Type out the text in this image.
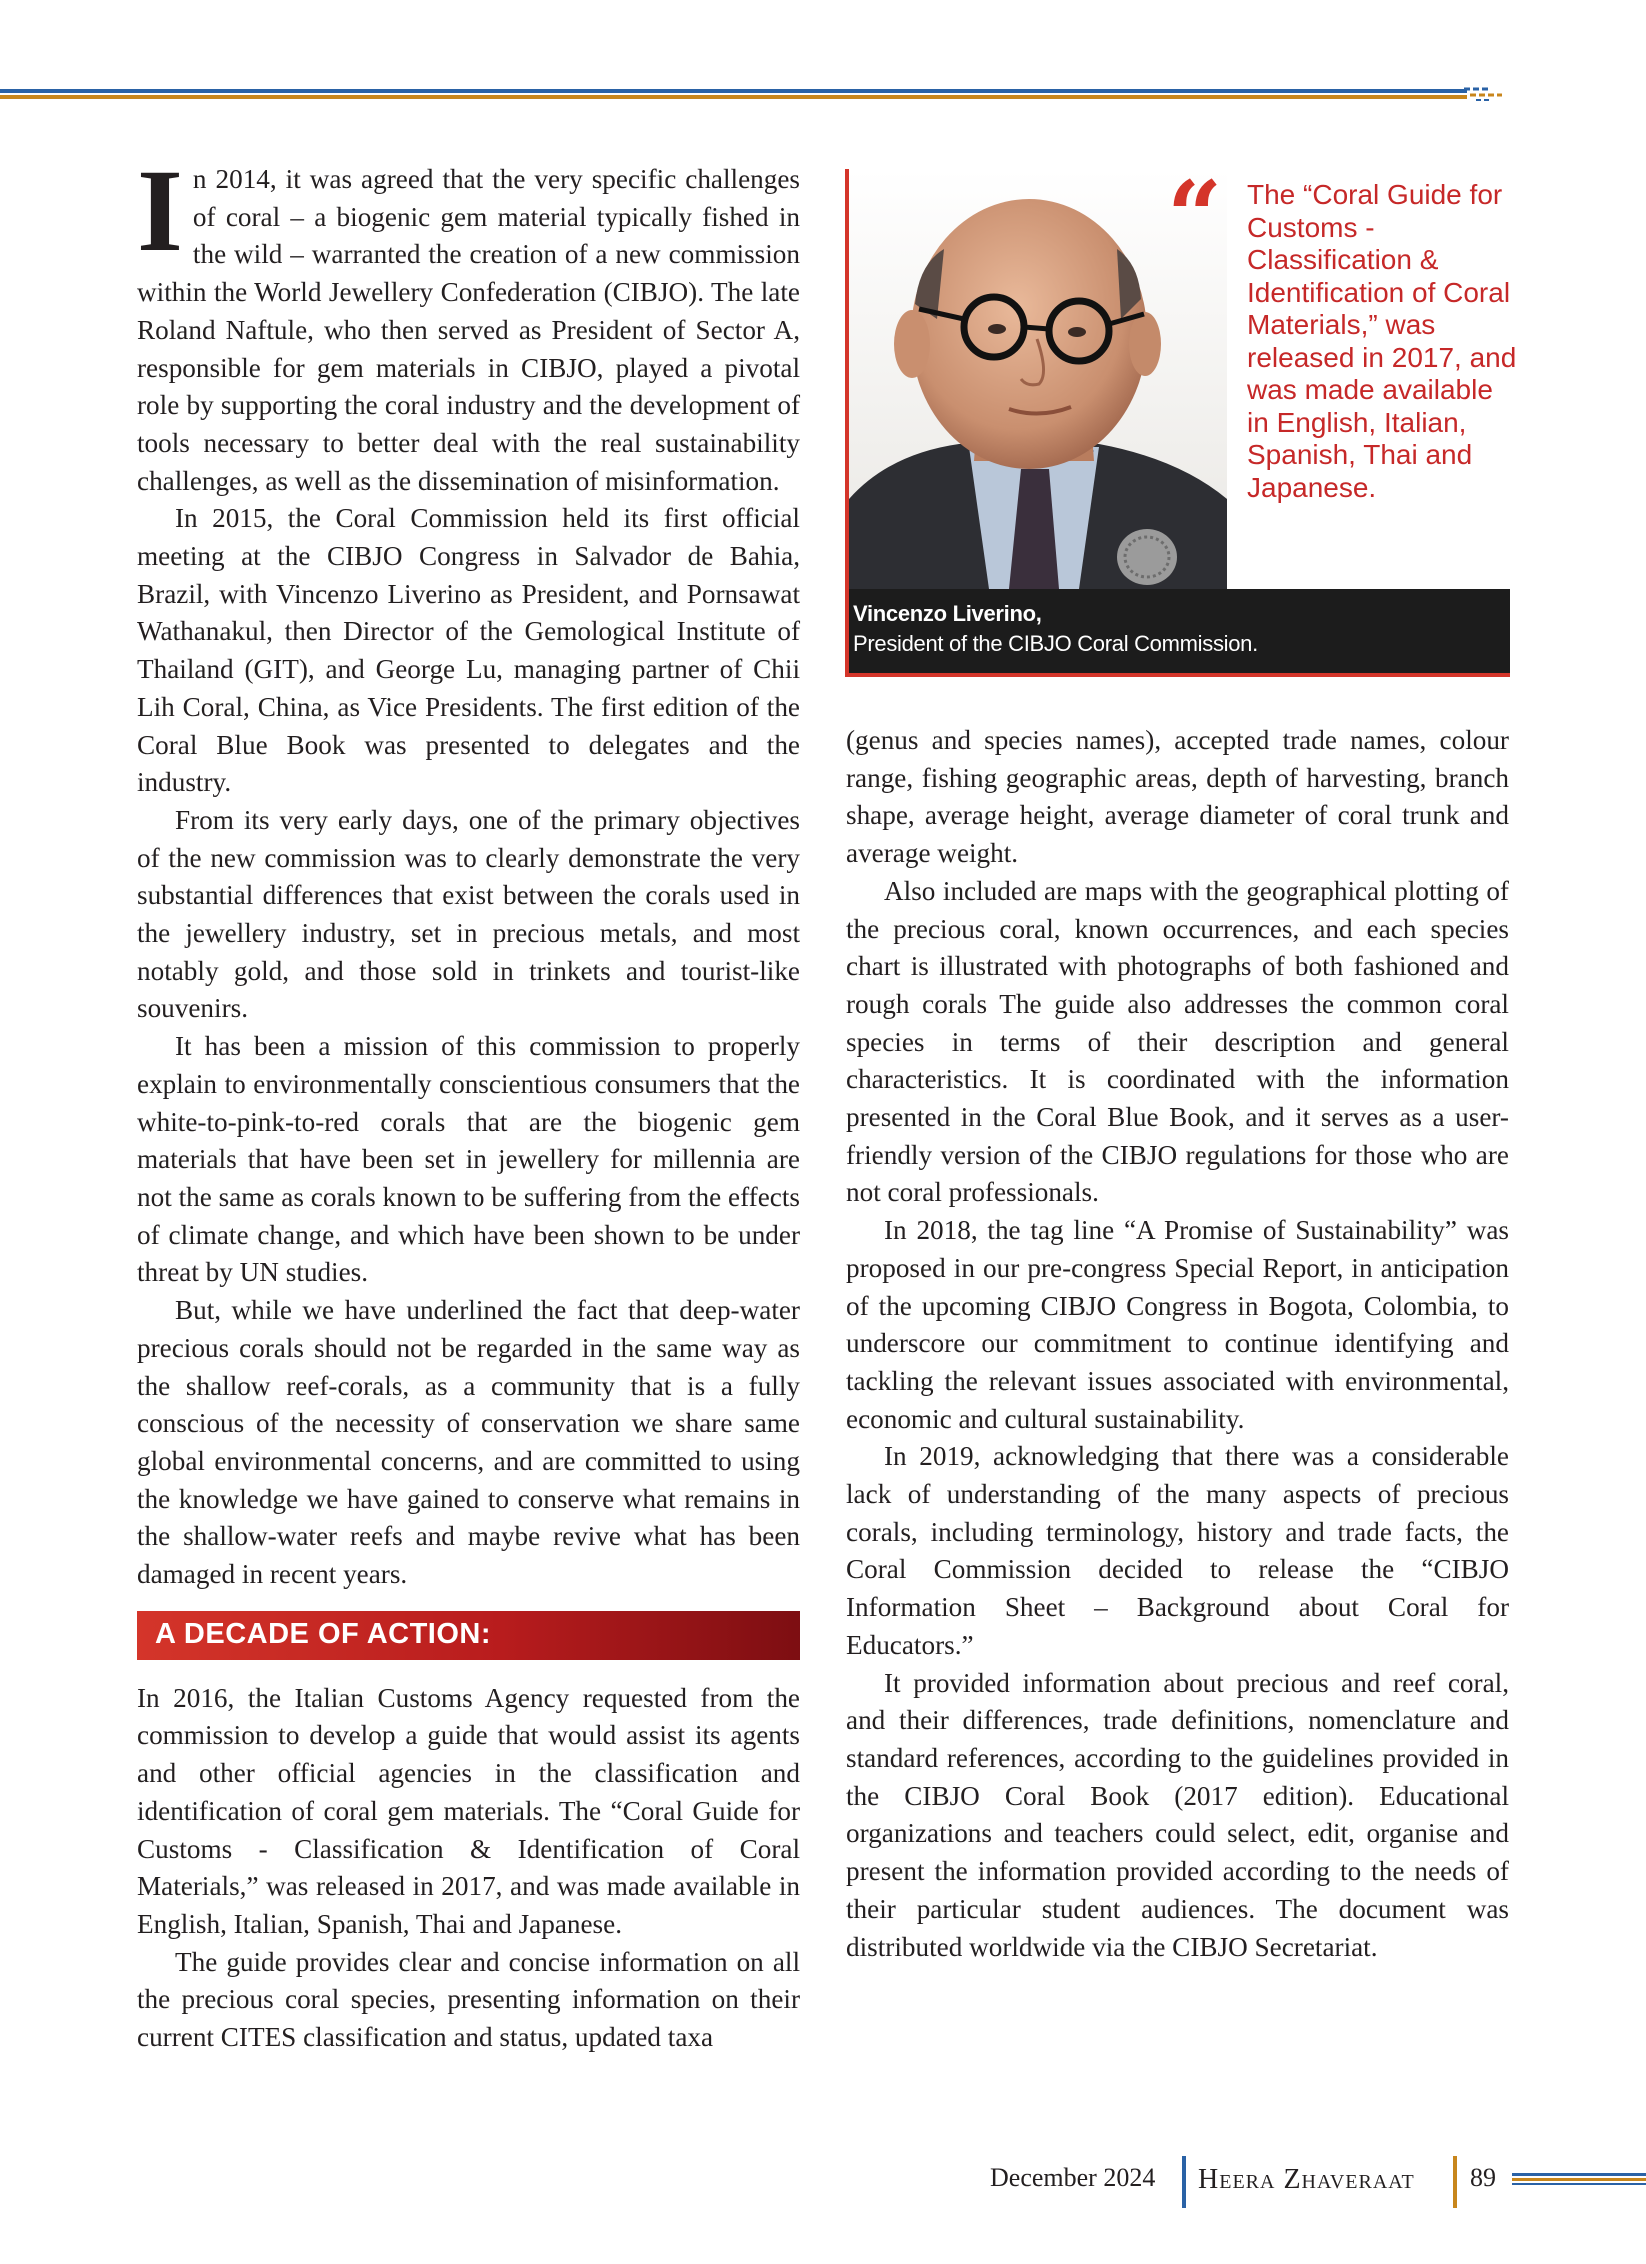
In 2014, it was agreed that the very specific challenges of coral – a biogenic gem material typically fished in the wild – warranted the creation of a new commission within the World Jewellery Confederation (CIBJO). The late Roland Naftule, who then served as President of Sector A, responsible for gem materials in CIBJO, played a pivotal role by supporting the coral industry and the development of tools necessary to better deal with the real sustainability challenges, as well as the dissemination of misinformation.

In 2015, the Coral Commission held its first official meeting at the CIBJO Congress in Salvador de Bahia, Brazil, with Vincenzo Liverino as President, and Pornsawat Wathanakul, then Director of the Gemological Institute of Thailand (GIT), and George Lu, managing partner of Chii Lih Coral, China, as Vice Presidents. The first edition of the Coral Blue Book was presented to delegates and the industry.

From its very early days, one of the primary objectives of the new commission was to clearly demonstrate the very substantial differences that exist between the corals used in the jewellery industry, set in precious metals, and most notably gold, and those sold in trinkets and tourist-like souvenirs.

It has been a mission of this commission to properly explain to environmentally conscientious consumers that the white-to-pink-to-red corals that are the biogenic gem materials that have been set in jewellery for millennia are not the same as corals known to be suffering from the effects of climate change, and which have been shown to be under threat by UN studies.

But, while we have underlined the fact that deep-water precious corals should not be regarded in the same way as the shallow reef-corals, as a community that is a fully conscious of the necessity of conservation we share same global environmental concerns, and are committed to using the knowledge we have gained to conserve what remains in the shallow-water reefs and maybe revive what has been damaged in recent years.

A DECADE OF ACTION:

In 2016, the Italian Customs Agency requested from the commission to develop a guide that would assist its agents and other official agencies in the classification and identification of coral gem materials. The “Coral Guide for Customs - Classification & Identification of Coral Materials,” was released in 2017, and was made available in English, Italian, Spanish, Thai and Japanese.

The guide provides clear and concise information on all the precious coral species, presenting information on their current CITES classification and status, updated taxa

“ The “Coral Guide for Customs - Classification & Identification of Coral Materials,” was released in 2017, and was made available in English, Italian, Spanish, Thai and Japanese.
Vincenzo Liverino,
President of the CIBJO Coral Commission.

(genus and species names), accepted trade names, colour range, fishing geographic areas, depth of harvesting, branch shape, average height, average diameter of coral trunk and average weight.

Also included are maps with the geographical plotting of the precious coral, known occurrences, and each species chart is illustrated with photographs of both fashioned and rough corals The guide also addresses the common coral species in terms of their description and general characteristics. It is coordinated with the information presented in the Coral Blue Book, and it serves as a user-friendly version of the CIBJO regulations for those who are not coral professionals.

In 2018, the tag line “A Promise of Sustainability” was proposed in our pre-congress Special Report, in anticipation of the upcoming CIBJO Congress in Bogota, Colombia, to underscore our commitment to continue identifying and tackling the relevant issues associated with environmental, economic and cultural sustainability.

In 2019, acknowledging that there was a considerable lack of understanding of the many aspects of precious corals, including terminology, history and trade facts, the Coral Commission decided to release the “CIBJO Information Sheet – Background about Coral for Educators.”

It provided information about precious and reef coral, and their differences, trade definitions, nomenclature and standard references, according to the guidelines provided in the CIBJO Coral Book (2017 edition). Educational organizations and teachers could select, edit, organise and present the information provided according to the needs of their particular student audiences. The document was distributed worldwide via the CIBJO Secretariat.

December 2024 Heera Zhaveraat 89
